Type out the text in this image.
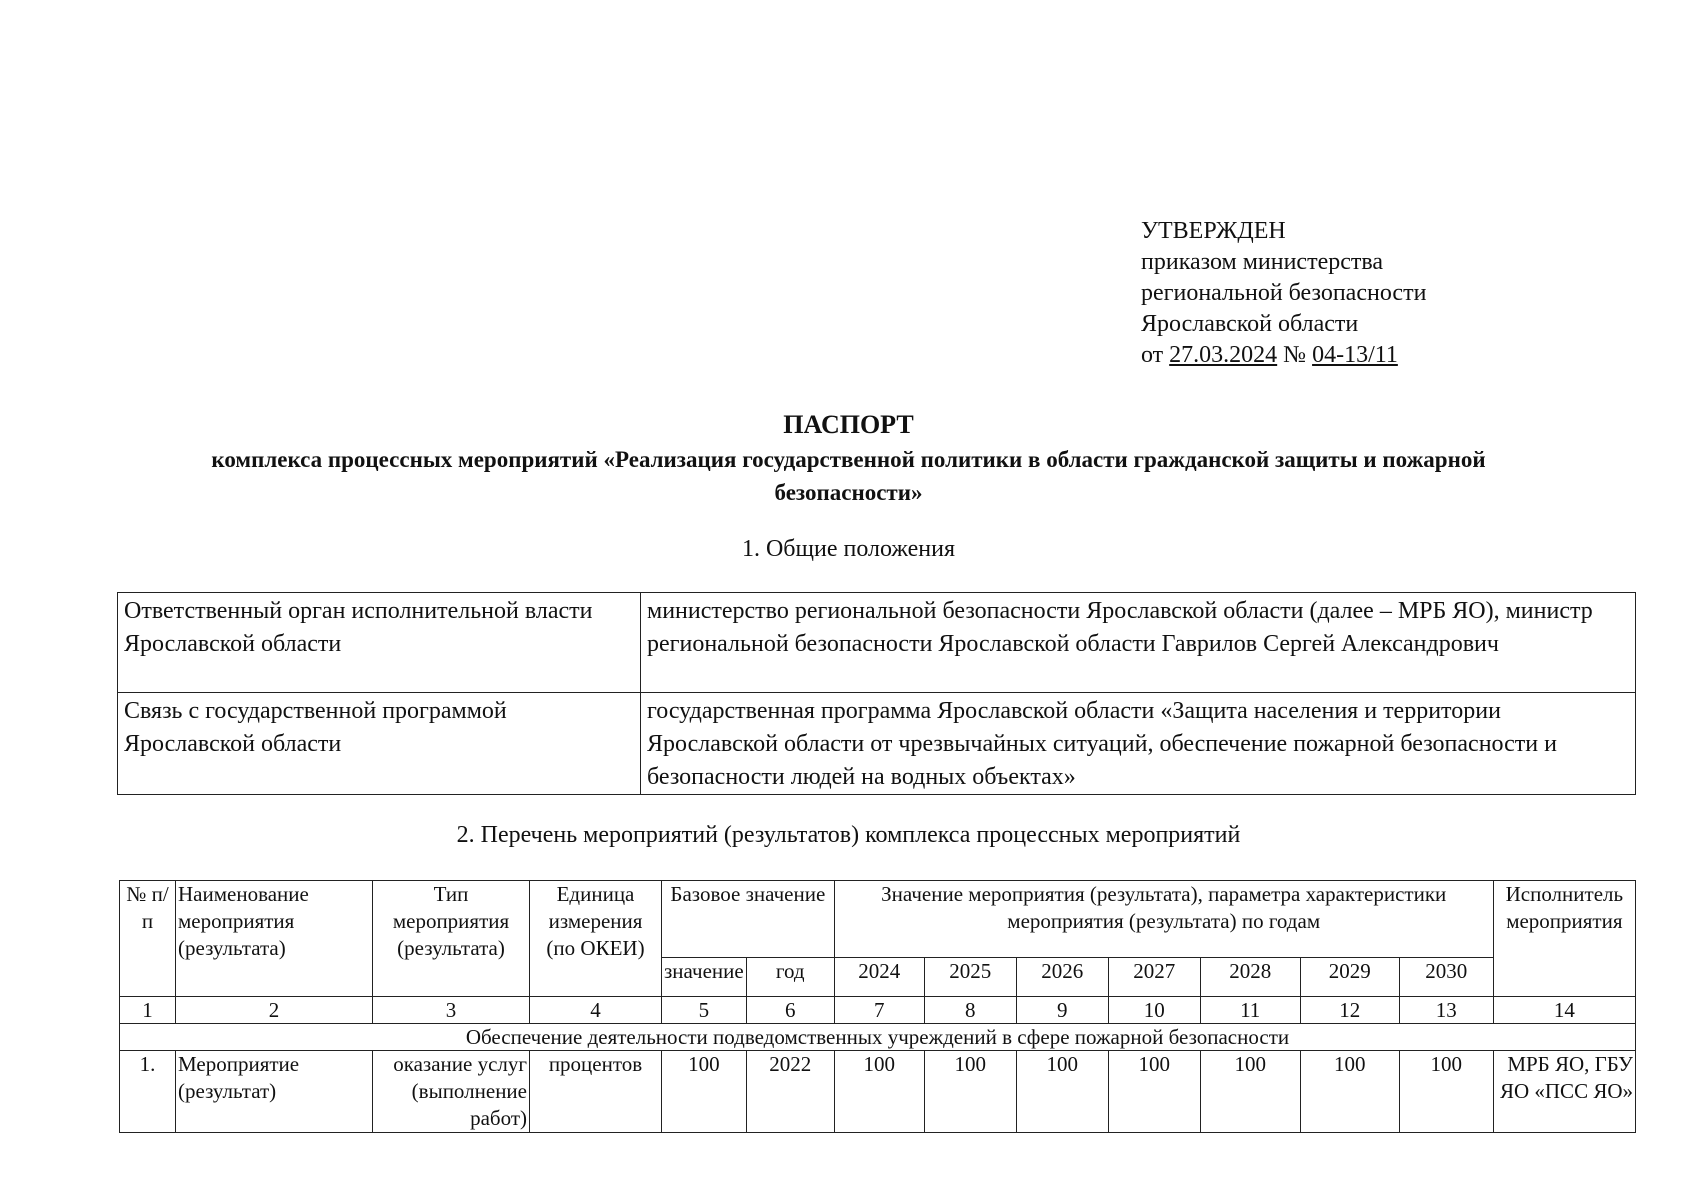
УТВЕРЖДЕН
приказом министерства
региональной безопасности
Ярославской области
от 27.03.2024 № 04-13/11
ПАСПОРТ
комплекса процессных мероприятий «Реализация государственной политики в области гражданской защиты и пожарной безопасности»
1. Общие положения
Ответственный орган исполнительной власти Ярославской области	министерство региональной безопасности Ярославской области (далее – МРБ ЯО), министр региональной безопасности Ярославской области Гаврилов Сергей Александрович
Связь с государственной программой Ярославской области	государственная программа Ярославской области «Защита населения и территории Ярославской области от чрезвычайных ситуаций, обеспечение пожарной безопасности и безопасности людей на водных объектах»
2. Перечень мероприятий (результатов) комплекса процессных мероприятий
№ п/п	Наименование мероприятия (результата)	Тип мероприятия (результата)	Единица измерения (по ОКЕИ)	Базовое значение		Значение мероприятия (результата), параметра характеристики мероприятия (результата) по годам							Исполнитель мероприятия
				значение	год	2024	2025	2026	2027	2028	2029	2030	
1	2	3	4	5	6	7	8	9	10	11	12	13	14
Обеспечение деятельности подведомственных учреждений в сфере пожарной безопасности													
1.	Мероприятие (результат)	оказание услуг (выполнение работ)	процентов	100	2022	100	100	100	100	100	100	100	МРБ ЯО, ГБУ ЯО «ПСС ЯО»
